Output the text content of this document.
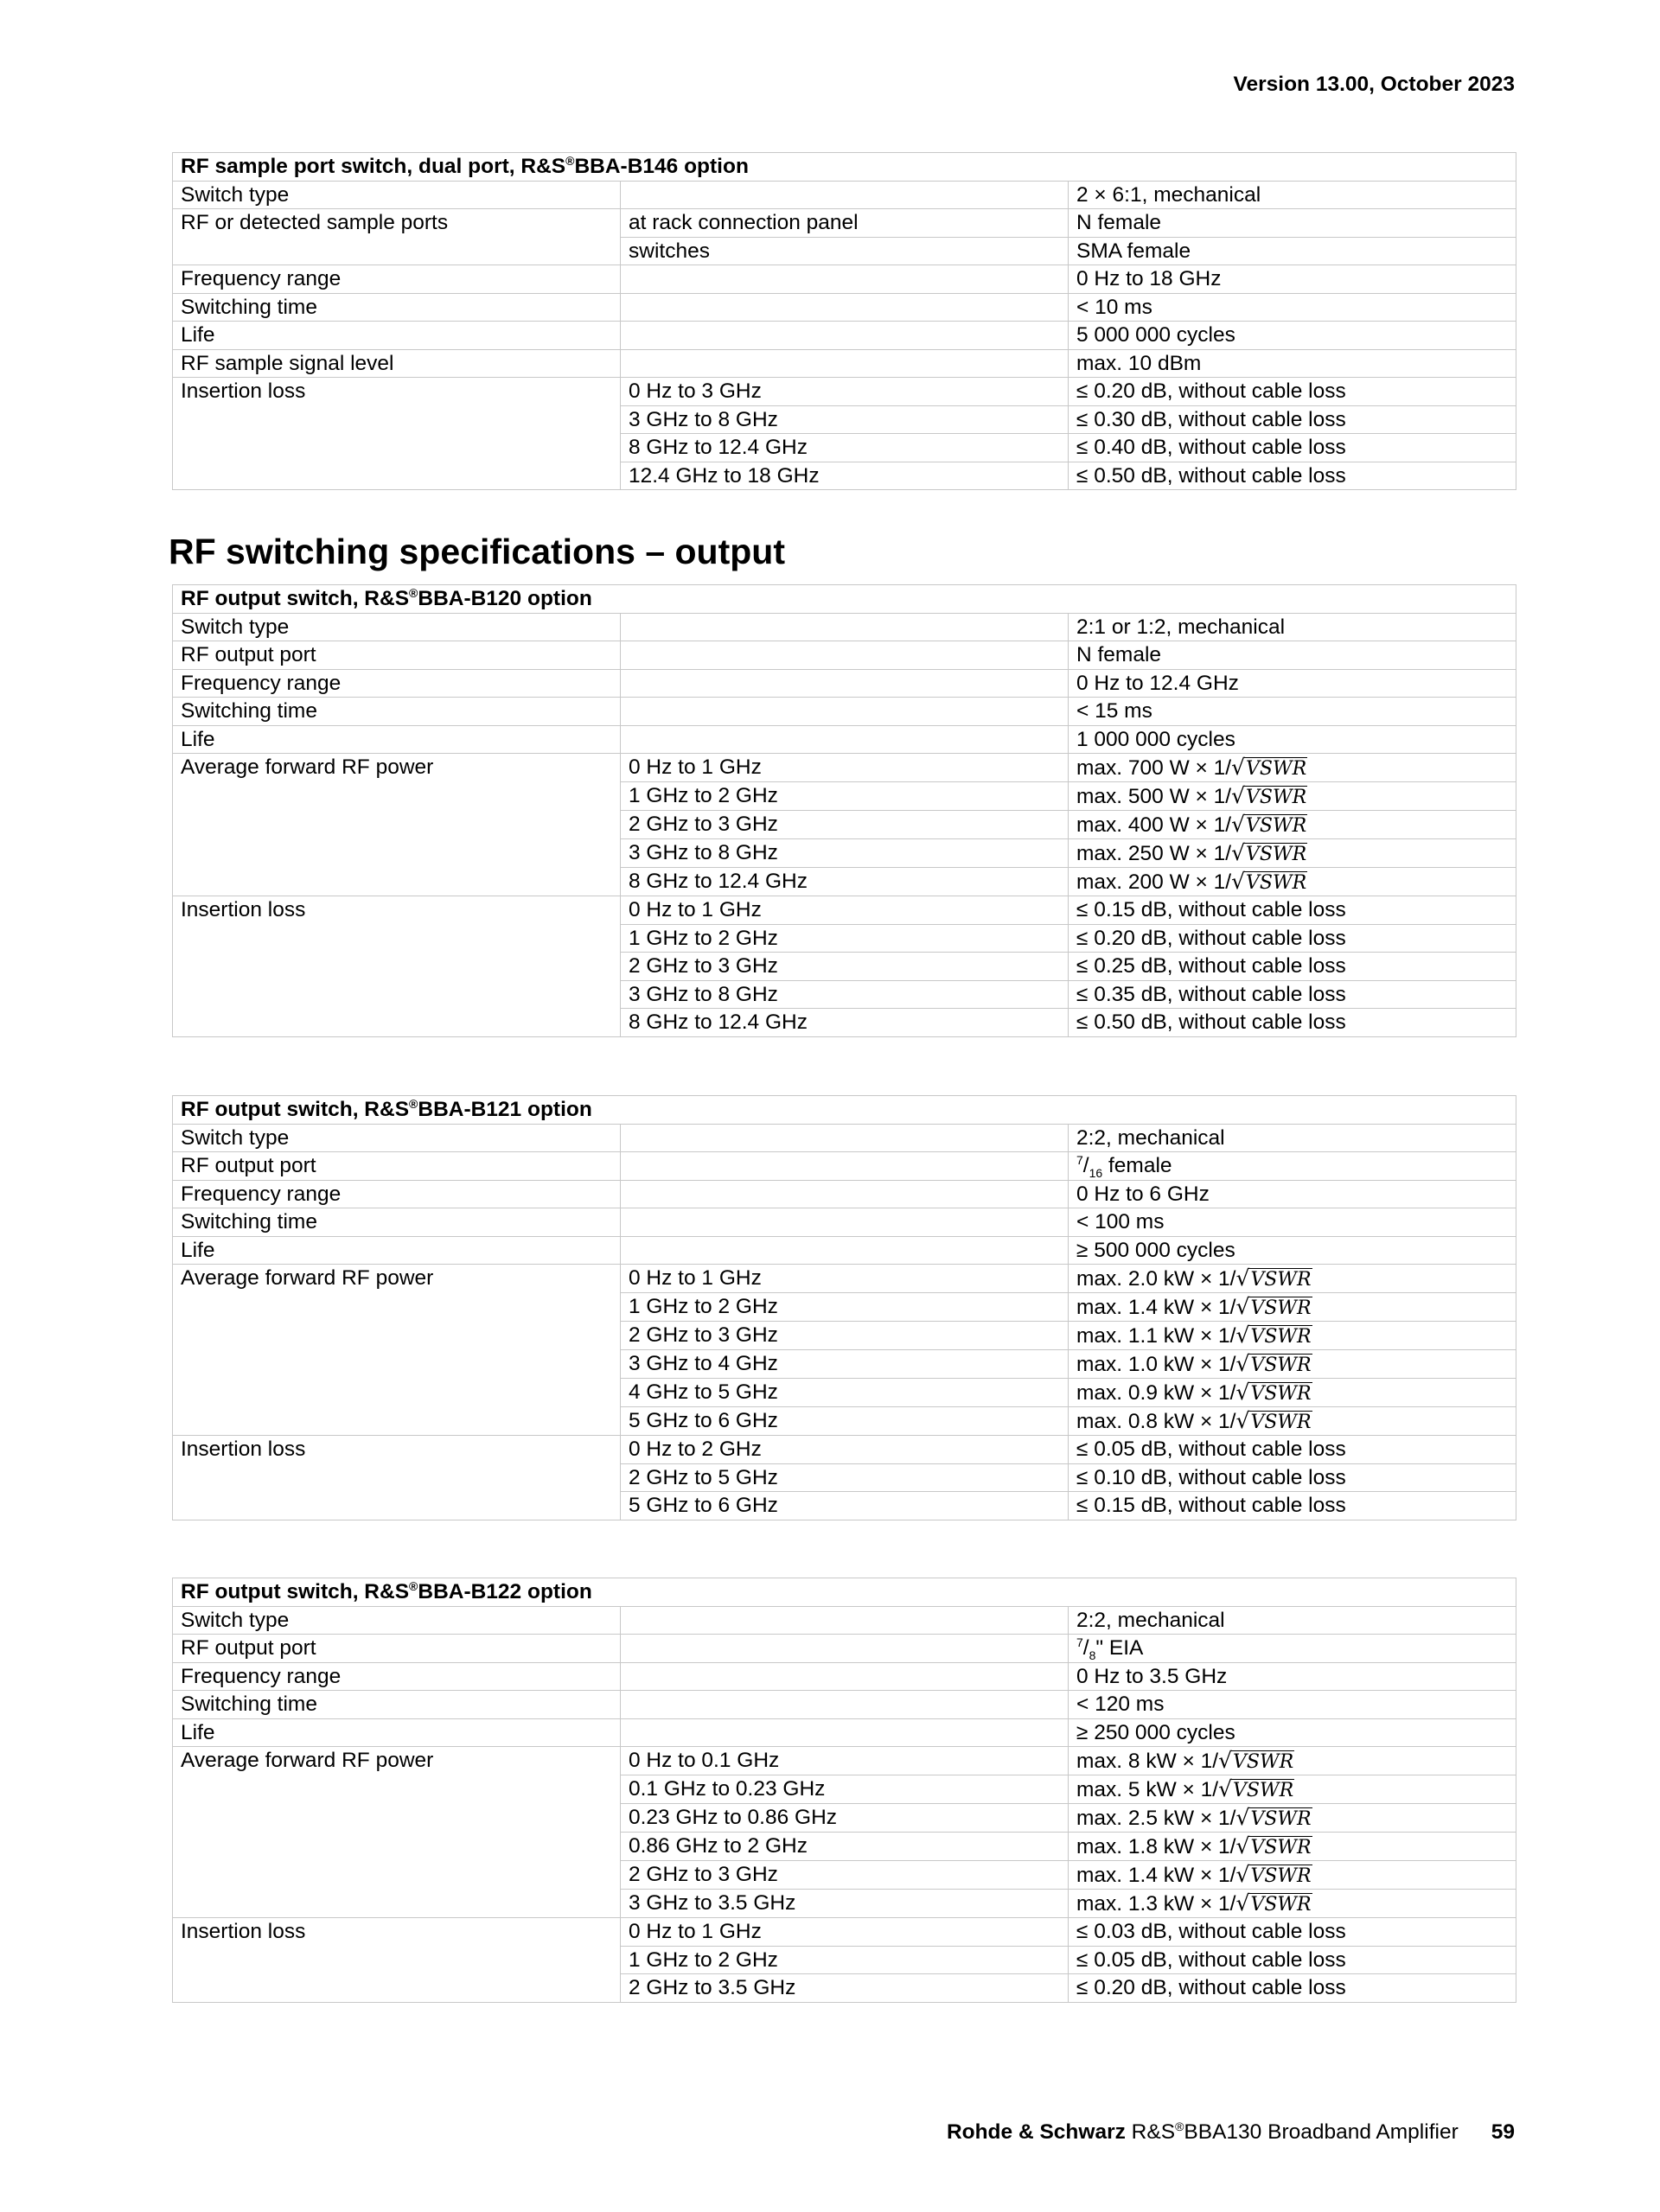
Version 13.00, October 2023
RF sample port switch, dual port, R&S®BBA-B146 option		
Switch type		2 × 6:1, mechanical
RF or detected sample ports	at rack connection panel	N female
	switches	SMA female
Frequency range		0 Hz to 18 GHz
Switching time		< 10 ms
Life		5 000 000 cycles
RF sample signal level		max. 10 dBm
Insertion loss	0 Hz to 3 GHz	≤ 0.20 dB, without cable loss
	3 GHz to 8 GHz	≤ 0.30 dB, without cable loss
	8 GHz to 12.4 GHz	≤ 0.40 dB, without cable loss
	12.4 GHz to 18 GHz	≤ 0.50 dB, without cable loss
RF switching specifications – output
RF output switch, R&S®BBA-B120 option		
Switch type		2:1 or 1:2, mechanical
RF output port		N female
Frequency range		0 Hz to 12.4 GHz
Switching time		< 15 ms
Life		1 000 000 cycles
Average forward RF power	0 Hz to 1 GHz	max. 700 W × 1/√VSWR
	1 GHz to 2 GHz	max. 500 W × 1/√VSWR
	2 GHz to 3 GHz	max. 400 W × 1/√VSWR
	3 GHz to 8 GHz	max. 250 W × 1/√VSWR
	8 GHz to 12.4 GHz	max. 200 W × 1/√VSWR
Insertion loss	0 Hz to 1 GHz	≤ 0.15 dB, without cable loss
	1 GHz to 2 GHz	≤ 0.20 dB, without cable loss
	2 GHz to 3 GHz	≤ 0.25 dB, without cable loss
	3 GHz to 8 GHz	≤ 0.35 dB, without cable loss
	8 GHz to 12.4 GHz	≤ 0.50 dB, without cable loss
RF output switch, R&S®BBA-B121 option		
Switch type		2:2, mechanical
RF output port		$^7/_{16}$ female
Frequency range		0 Hz to 6 GHz
Switching time		< 100 ms
Life		≥ 500 000 cycles
Average forward RF power	0 Hz to 1 GHz	max. 2.0 kW × 1/√VSWR
	1 GHz to 2 GHz	max. 1.4 kW × 1/√VSWR
	2 GHz to 3 GHz	max. 1.1 kW × 1/√VSWR
	3 GHz to 4 GHz	max. 1.0 kW × 1/√VSWR
	4 GHz to 5 GHz	max. 0.9 kW × 1/√VSWR
	5 GHz to 6 GHz	max. 0.8 kW × 1/√VSWR
Insertion loss	0 Hz to 2 GHz	≤ 0.05 dB, without cable loss
	2 GHz to 5 GHz	≤ 0.10 dB, without cable loss
	5 GHz to 6 GHz	≤ 0.15 dB, without cable loss
RF output switch, R&S®BBA-B122 option		
Switch type		2:2, mechanical
RF output port		$^7/_8$" EIA
Frequency range		0 Hz to 3.5 GHz
Switching time		< 120 ms
Life		≥ 250 000 cycles
Average forward RF power	0 Hz to 0.1 GHz	max. 8 kW × 1/√VSWR
	0.1 GHz to 0.23 GHz	max. 5 kW × 1/√VSWR
	0.23 GHz to 0.86 GHz	max. 2.5 kW × 1/√VSWR
	0.86 GHz to 2 GHz	max. 1.8 kW × 1/√VSWR
	2 GHz to 3 GHz	max. 1.4 kW × 1/√VSWR
	3 GHz to 3.5 GHz	max. 1.3 kW × 1/√VSWR
Insertion loss	0 Hz to 1 GHz	≤ 0.03 dB, without cable loss
	1 GHz to 2 GHz	≤ 0.05 dB, without cable loss
	2 GHz to 3.5 GHz	≤ 0.20 dB, without cable loss
Rohde & Schwarz R&S®BBA130 Broadband Amplifier 59
